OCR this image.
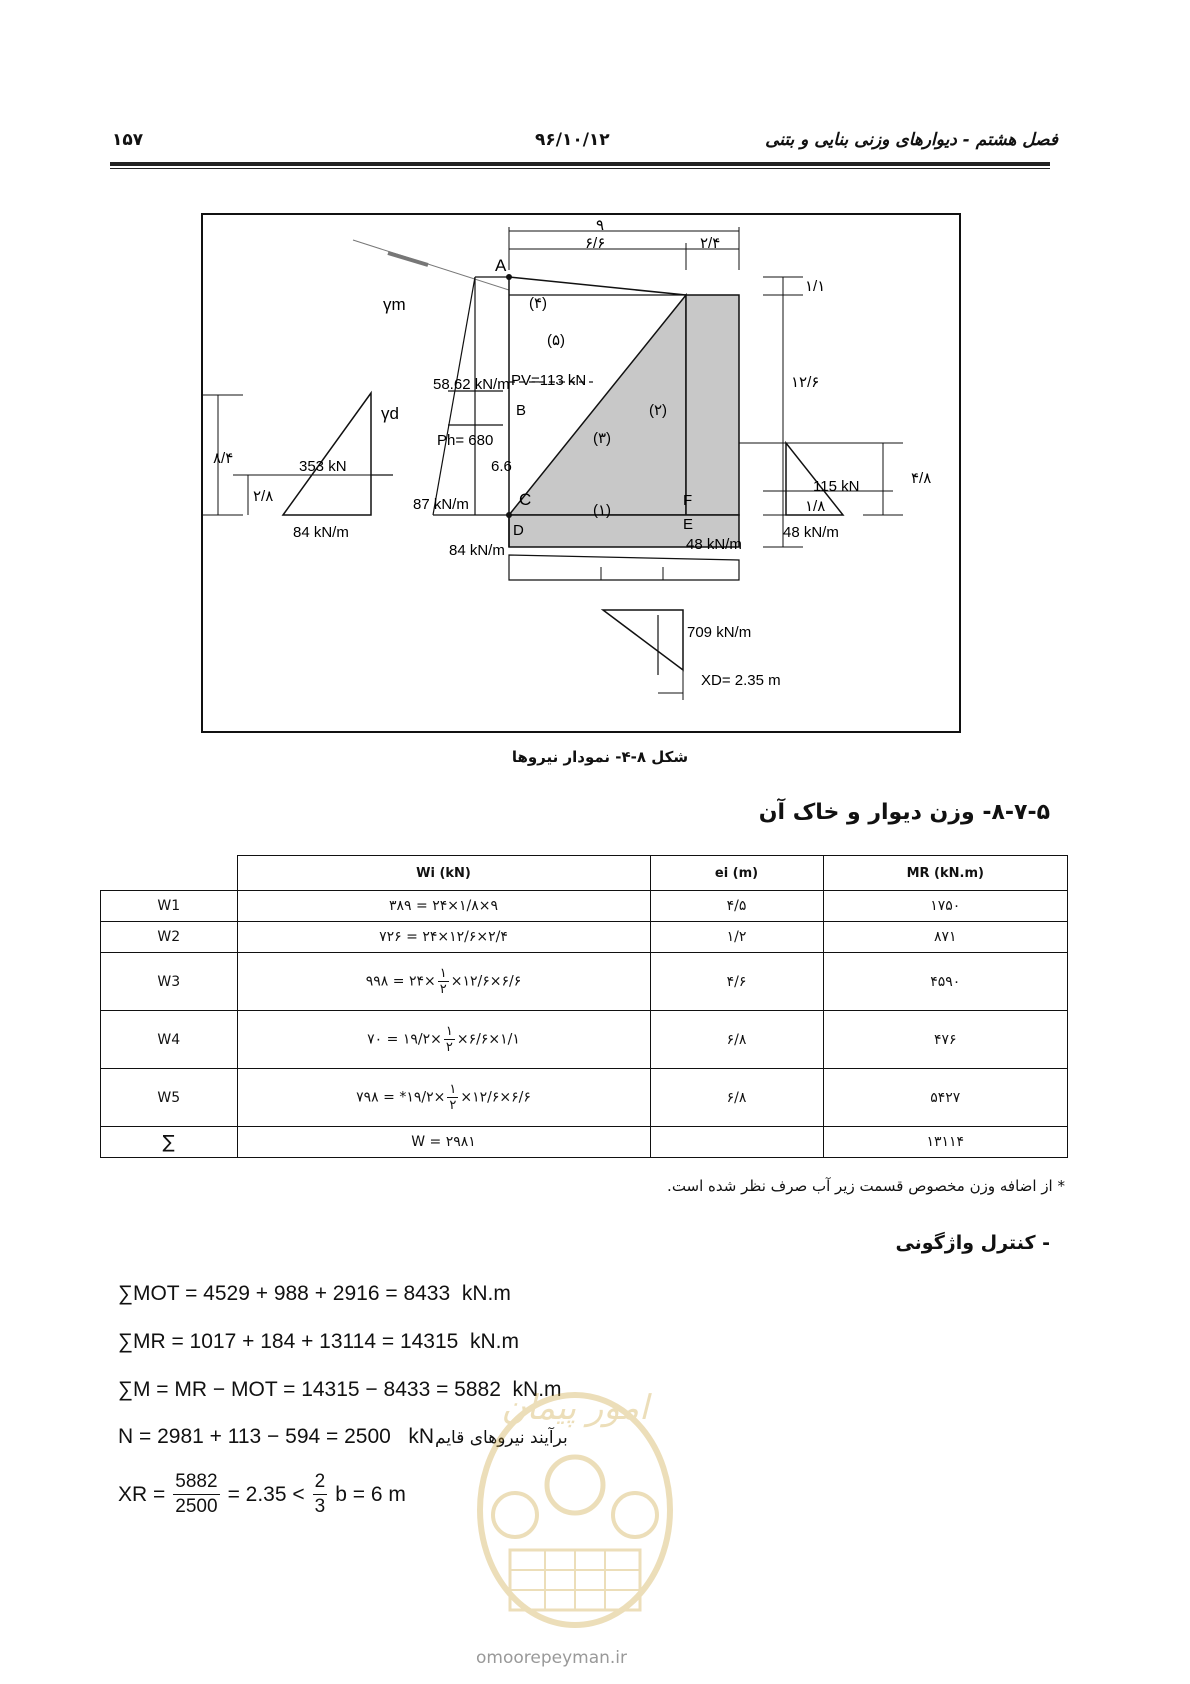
۱۵۷	۹۶/۱۰/۱۲	فصل هشتم - دیوارهای وزنی بنایی و بتنی
۹
۶/۶	۲/۴
۱/۱
۱۲/۶
۱/۸
۸/۴
۲/۸
۴/۸
A
B
C
D	E
F
γm
γd
(۱)
(۲)
(۳)
(۴)
(۵)
58.62 kN/m PV=113 kN
Ph= 680
6.6
353 kN
87 kN/m
84 kN/m
84 kN/m	48 kN/m
48 kN/m
115 kN
709 kN/m
XD= 2.35 m
شکل ۸-۴- نمودار نیروها
۸-۷-۵- وزن دیوار و خاک آن
	Wi (kN)	ei (m)	MR (kN.m)
W1	۹×۱/۸×۲۴ = ۳۸۹	۴/۵	۱۷۵۰
W2	۲/۴×۱۲/۶×۲۴ = ۷۲۶	۱/۲	۸۷۱
W3	×۲۴ = ۹۹۸ $\frac{۱}{۲}$ ۶/۶×۱۲/۶×	۴/۶	۴۵۹۰
W4	×۱۹/۲ = ۷۰ $\frac{۱}{۲}$ ۱/۱×۶/۶×	۶/۸	۴۷۶
W5	×۱۹/۲* = ۷۹۸ $\frac{۱}{۲}$ ۶/۶×۱۲/۶×	۶/۸	۵۴۲۷
∑	W = ۲۹۸۱		۱۳۱۱۴
* از اضافه وزن مخصوص قسمت زیر آب صرف نظر شده است.
- کنترل واژگونی
∑MOT = 4529 + 988 + 2916 = 8433  kN.m
∑MR = 1017 + 184 + 13114 = 14315  kN.m
∑M = MR − MOT = 14315 − 8433 = 5882  kN.m
N = 2981 + 113 − 594 = 2500   kN برآیند نیروهای قایم
XR = $\frac{5882}{2500} = 2.35 < \frac{2}{3}$ b = 6 m
امور پیمان
omoorepeyman.ir
